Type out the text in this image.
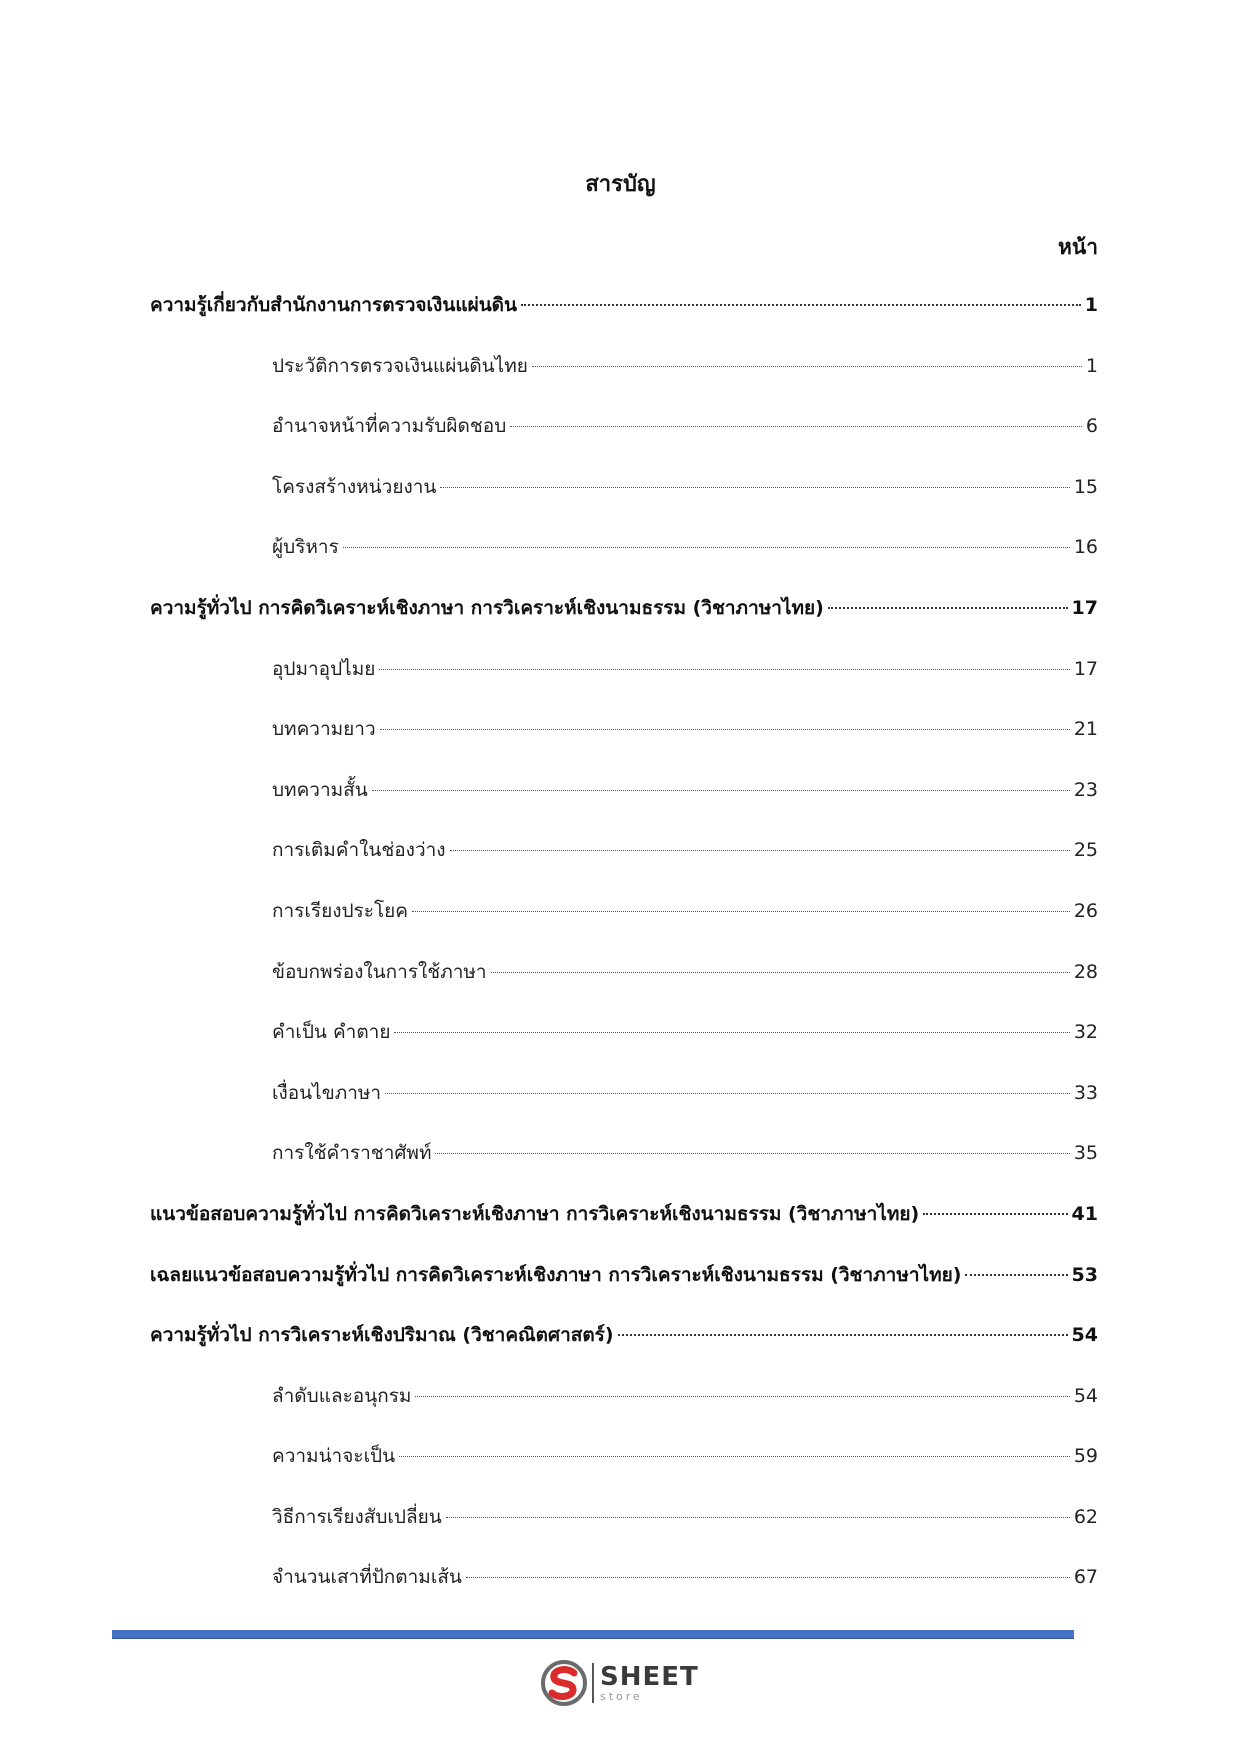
สารบัญ
หน้า
ความรู้เกี่ยวกับสำนักงานการตรวจเงินแผ่นดิน	1
ประวัติการตรวจเงินแผ่นดินไทย	1
อำนาจหน้าที่ความรับผิดชอบ	6
โครงสร้างหน่วยงาน	15
ผู้บริหาร	16
ความรู้ทั่วไป การคิดวิเคราะห์เชิงภาษา การวิเคราะห์เชิงนามธรรม (วิชาภาษาไทย)	17
อุปมาอุปไมย	17
บทความยาว	21
บทความสั้น	23
การเติมคำในช่องว่าง	25
การเรียงประโยค	26
ข้อบกพร่องในการใช้ภาษา	28
คำเป็น คำตาย	32
เงื่อนไขภาษา	33
การใช้คำราชาศัพท์	35
แนวข้อสอบความรู้ทั่วไป การคิดวิเคราะห์เชิงภาษา การวิเคราะห์เชิงนามธรรม (วิชาภาษาไทย)	41
เฉลยแนวข้อสอบความรู้ทั่วไป การคิดวิเคราะห์เชิงภาษา การวิเคราะห์เชิงนามธรรม (วิชาภาษาไทย)	53
ความรู้ทั่วไป การวิเคราะห์เชิงปริมาณ (วิชาคณิตศาสตร์)	54
ลำดับและอนุกรม	54
ความน่าจะเป็น	59
วิธีการเรียงสับเปลี่ยน	62
จำนวนเสาที่ปักตามเส้น	67
SHEET
store
